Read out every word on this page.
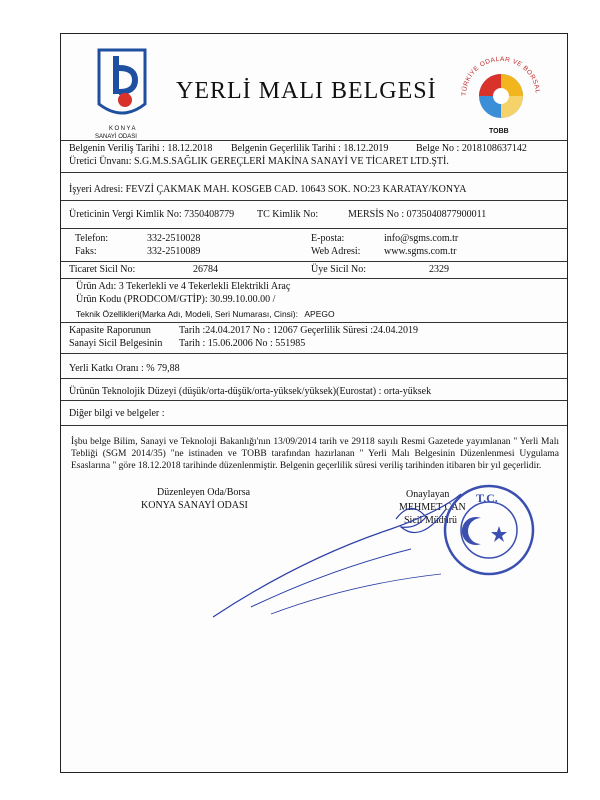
KONYA
SANAYİ ODASI
YERLİ MALI BELGESİ	TÜRKİYE ODALAR VE BORSAL
TOBB
Belgenin Veriliş Tarihi : 18.12.2018 Belgenin Geçerlilik Tarihi : 18.12.2019	Belge No : 2018108637142
Üretici Ünvanı: S.G.M.S.SAĞLIK GEREÇLERİ MAKİNA SANAYİ VE TİCARET LTD.ŞTİ.
İşyeri Adresi: FEVZİ ÇAKMAK MAH. KOSGEB CAD. 10643 SOK. NO:23 KARATAY/KONYA
Üreticinin Vergi Kimlik No: 7350408779 TC Kimlik No:	MERSİS No : 0735040877900011
Telefon:	332-2510028	E-posta:	info@sgms.com.tr
Faks:	332-2510089	Web Adresi: www.sgms.com.tr
Ticaret Sicil No:	26784	Üye Sicil No:	2329
Ürün Adı: 3 Tekerlekli ve 4 Tekerlekli Elektrikli Araç
Ürün Kodu (PRODCOM/GTİP): 30.99.10.00.00 /
Teknik Özellikleri(Marka Adı, Modeli, Seri Numarası, Cinsi): APEGO
Kapasite Raporunun	Tarih :24.04.2017 No : 12067 Geçerlilik Süresi :24.04.2019
Sanayi Sicil Belgesinin Tarih : 15.06.2006 No : 551985
Yerli Katkı Oranı : % 79,88
Ürünün Teknolojik Düzeyi (düşük/orta-düşük/orta-yüksek/yüksek)(Eurostat) : orta-yüksek
Diğer bilgi ve belgeler :
İşbu belge Bilim, Sanayi ve Teknoloji Bakanlığı'nın 13/09/2014 tarih ve 29118 sayılı Resmi Gazetede yayımlanan " Yerli Malı Tebliği (SGM 2014/35) "ne istinaden ve TOBB tarafından hazırlanan " Yerli Malı Belgesinin Düzenlenmesi Uygulama Esaslarına " göre 18.12.2018 tarihinde düzenlenmiştir. Belgenin geçerlilik süresi veriliş tarihinden itibaren bir yıl geçerlidir.
Düzenleyen Oda/Borsa
KONYA SANAYİ ODASI
Onaylayan
MEHMET CAN
Sicil Müdürü
T.C.
